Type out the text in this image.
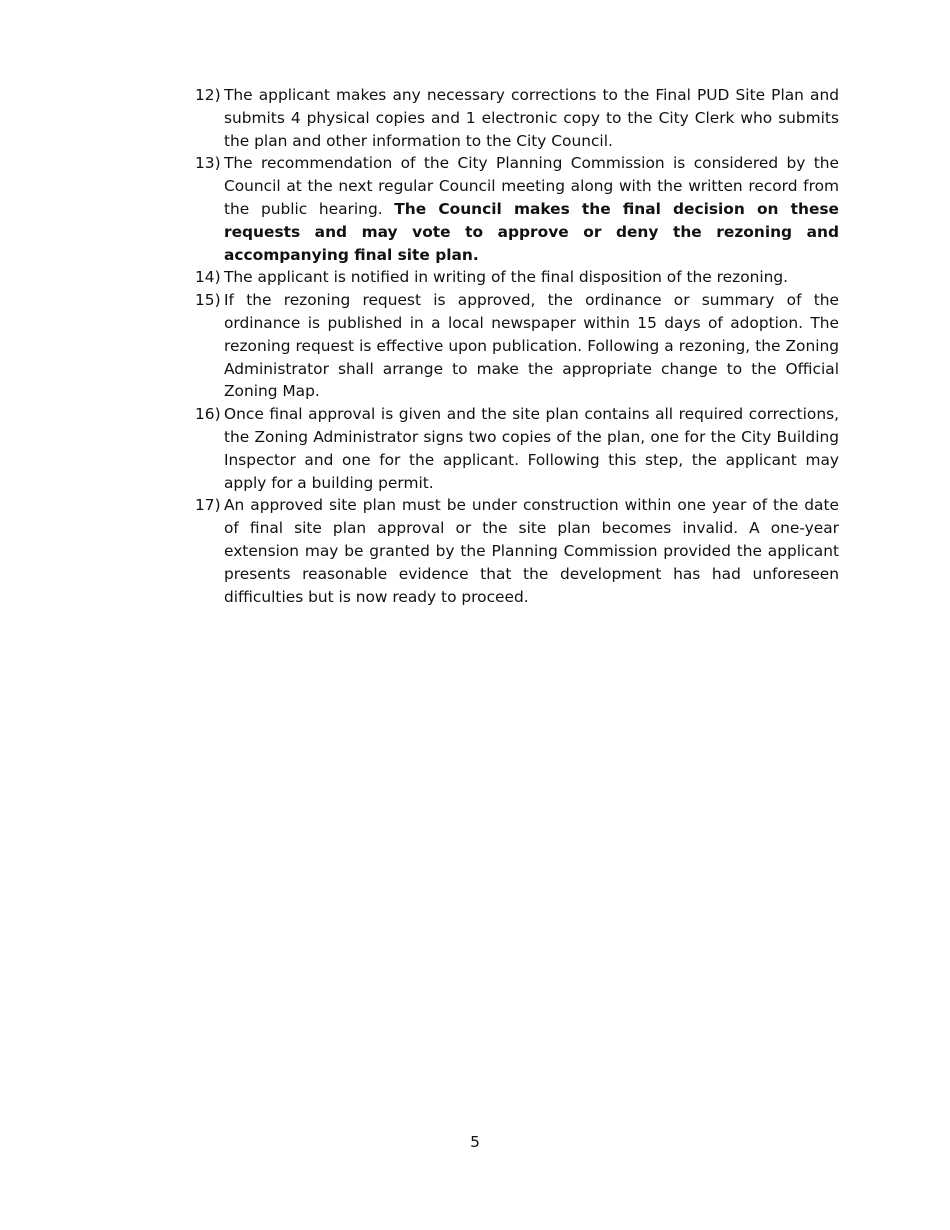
12) The applicant makes any necessary corrections to the Final PUD Site Plan and submits 4 physical copies and 1 electronic copy to the City Clerk who submits the plan and other information to the City Council.
13) The recommendation of the City Planning Commission is considered by the Council at the next regular Council meeting along with the written record from the public hearing. The Council makes the final decision on these requests and may vote to approve or deny the rezoning and accompanying final site plan.
14) The applicant is notified in writing of the final disposition of the rezoning.
15) If the rezoning request is approved, the ordinance or summary of the ordinance is published in a local newspaper within 15 days of adoption. The rezoning request is effective upon publication. Following a rezoning, the Zoning Administrator shall arrange to make the appropriate change to the Official Zoning Map.
16) Once final approval is given and the site plan contains all required corrections, the Zoning Administrator signs two copies of the plan, one for the City Building Inspector and one for the applicant. Following this step, the applicant may apply for a building permit.
17) An approved site plan must be under construction within one year of the date of final site plan approval or the site plan becomes invalid. A one-year extension may be granted by the Planning Commission provided the applicant presents reasonable evidence that the development has had unforeseen difficulties but is now ready to proceed.
5
